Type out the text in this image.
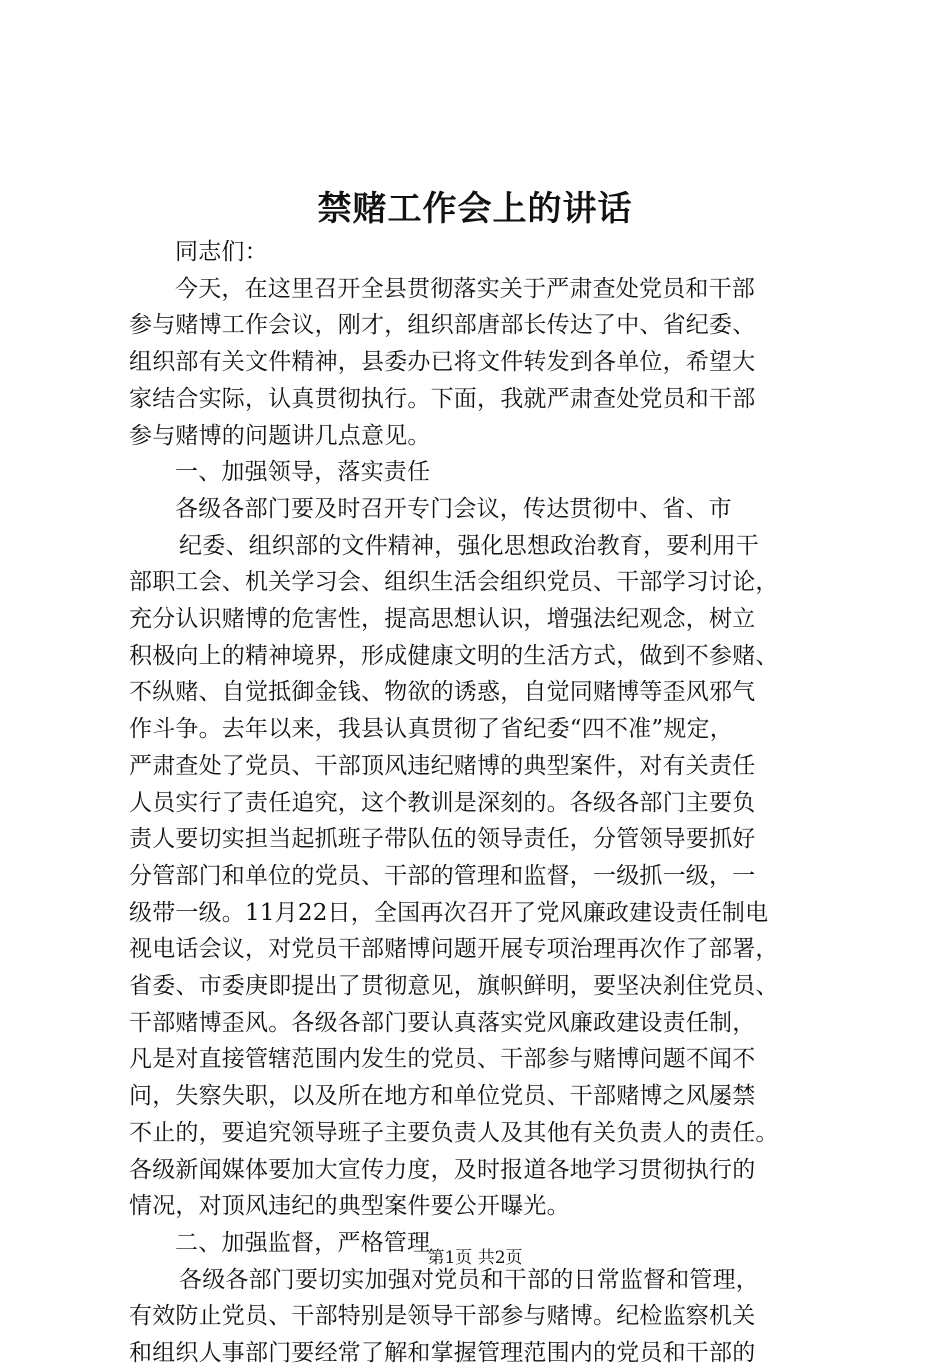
禁赌工作会上的讲话
同志们：
今天，在这里召开全县贯彻落实关于严肃查处党员和干部
参与赌博工作会议，刚才，组织部唐部长传达了中、省纪委、
组织部有关文件精神，县委办已将文件转发到各单位，希望大
家结合实际，认真贯彻执行。下面，我就严肃查处党员和干部
参与赌博的问题讲几点意见。
一、加强领导，落实责任
各级各部门要及时召开专门会议，传达贯彻中、省、市
纪委、组织部的文件精神，强化思想政治教育，要利用干
部职工会、机关学习会、组织生活会组织党员、干部学习讨论，
充分认识赌博的危害性，提高思想认识，增强法纪观念，树立
积极向上的精神境界，形成健康文明的生活方式，做到不参赌、
不纵赌、自觉抵御金钱、物欲的诱惑，自觉同赌博等歪风邪气
作斗争。去年以来，我县认真贯彻了省纪委“四不准”规定，
严肃查处了党员、干部顶风违纪赌博的典型案件，对有关责任
人员实行了责任追究，这个教训是深刻的。各级各部门主要负
责人要切实担当起抓班子带队伍的领导责任，分管领导要抓好
分管部门和单位的党员、干部的管理和监督，一级抓一级，一
级带一级。11月22日，全国再次召开了党风廉政建设责任制电
视电话会议，对党员干部赌博问题开展专项治理再次作了部署，
省委、市委庚即提出了贯彻意见，旗帜鲜明，要坚决刹住党员、
干部赌博歪风。各级各部门要认真落实党风廉政建设责任制，
凡是对直接管辖范围内发生的党员、干部参与赌博问题不闻不
问，失察失职，以及所在地方和单位党员、干部赌博之风屡禁
不止的，要追究领导班子主要负责人及其他有关负责人的责任。
各级新闻媒体要加大宣传力度，及时报道各地学习贯彻执行的
情况，对顶风违纪的典型案件要公开曝光。
二、加强监督，严格管理
各级各部门要切实加强对党员和干部的日常监督和管理，
有效防止党员、干部特别是领导干部参与赌博。纪检监察机关
和组织人事部门要经常了解和掌握管理范围内的党员和干部的
第1页 共2页
